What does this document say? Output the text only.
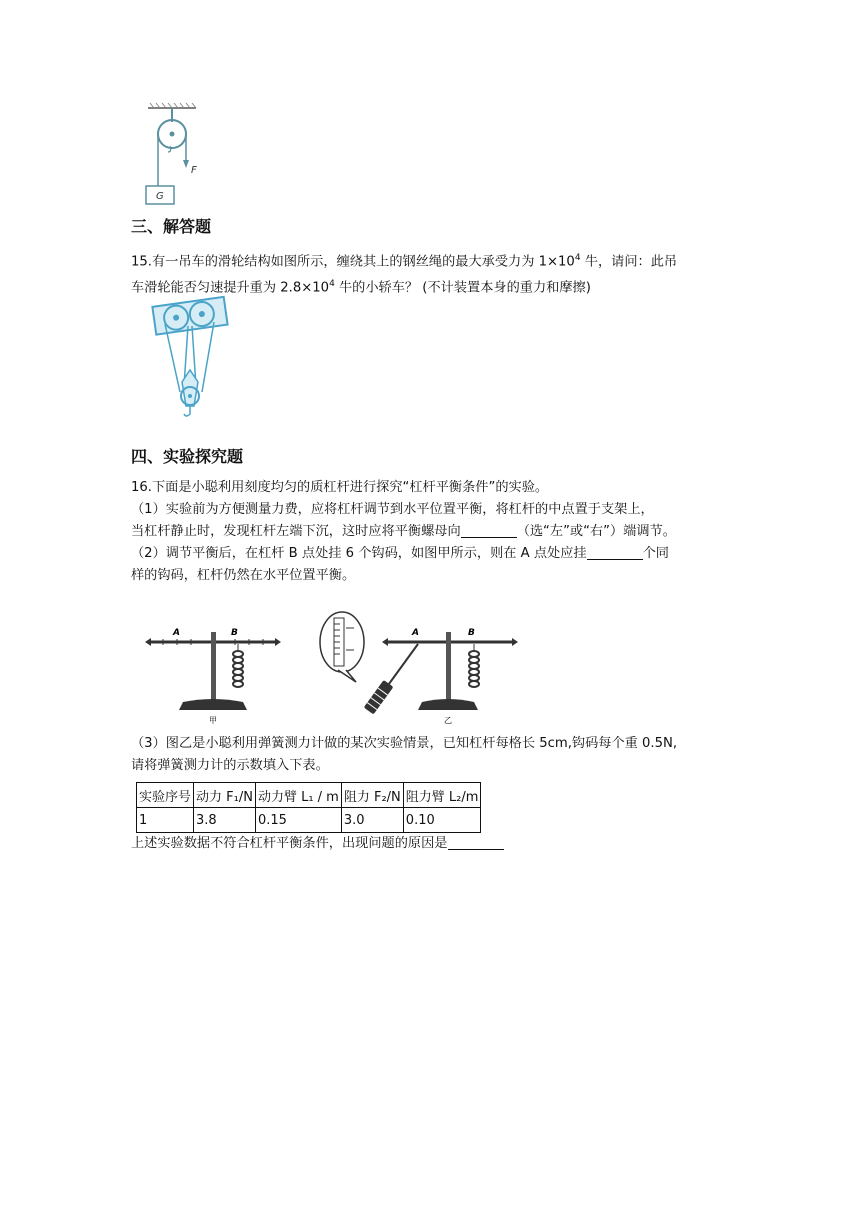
F
G
三、解答题
15.有一吊车的滑轮结构如图所示，缠绕其上的钢丝绳的最大承受力为 $1\times 10^4$ 牛，请问：此吊
车滑轮能否匀速提升重为 $2.8\times 10^4$ 牛的小轿车？ (不计装置本身的重力和摩擦)
四、实验探究题
16.下面是小聪利用刻度均匀的质杠杆进行探究“杠杆平衡条件”的实验。
（1）实验前为方便测量力费，应将杠杆调节到水平位置平衡，将杠杆的中点置于支架上，
当杠杆静止时，发现杠杆左端下沉，这时应将平衡螺母向	（选“左”或“右”）端调节。
（2）调节平衡后，在杠杆 B 点处挂 6 个钩码，如图甲所示，则在 A 点处应挂	个同
样的钩码，杠杆仍然在水平位置平衡。
A	B
甲
A	B
乙
（3）图乙是小聪利用弹簧测力计做的某次实验情景，已知杠杆每格长 5cm,钩码每个重 0.5N,
请将弹簧测力计的示数填入下表。
实验序号	动力 F₁/N	动力臂 L₁ / m	阻力 F₂/N	阻力臂 L₂/m
1	3.8	0.15	3.0	0.10
上述实验数据不符合杠杆平衡条件，出现问题的原因是
